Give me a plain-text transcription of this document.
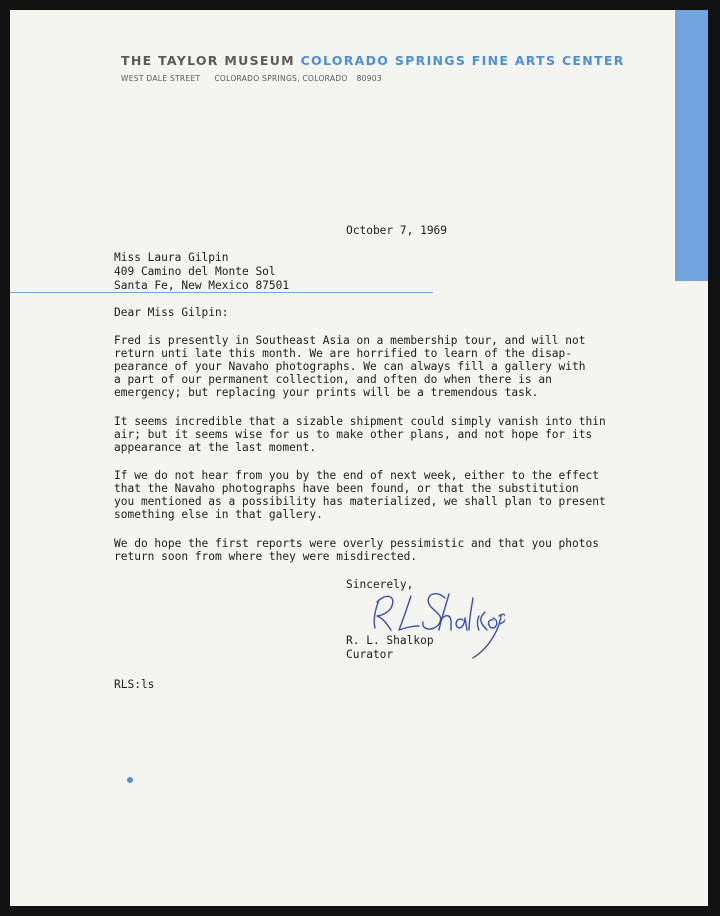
THE TAYLOR MUSEUM COLORADO SPRINGS FINE ARTS CENTER
WEST DALE STREET COLORADO SPRINGS, COLORADO 80903
October 7, 1969
Miss Laura Gilpin
409 Camino del Monte Sol
Santa Fe, New Mexico 87501
Dear Miss Gilpin:
Fred is presently in Southeast Asia on a membership tour, and will not
return unti late this month. We are horrified to learn of the disap-
pearance of your Navaho photographs. We can always fill a gallery with
a part of our permanent collection, and often do when there is an
emergency; but replacing your prints will be a tremendous task.
It seems incredible that a sizable shipment could simply vanish into thin
air; but it seems wise for us to make other plans, and not hope for its
appearance at the last moment.
If we do not hear from you by the end of next week, either to the effect
that the Navaho photographs have been found, or that the substitution
you mentioned as a possibility has materialized, we shall plan to present
something else in that gallery.
We do hope the first reports were overly pessimistic and that you photos
return soon from where they were misdirected.
Sincerely,
R. L. Shalkop
Curator
RLS:ls
